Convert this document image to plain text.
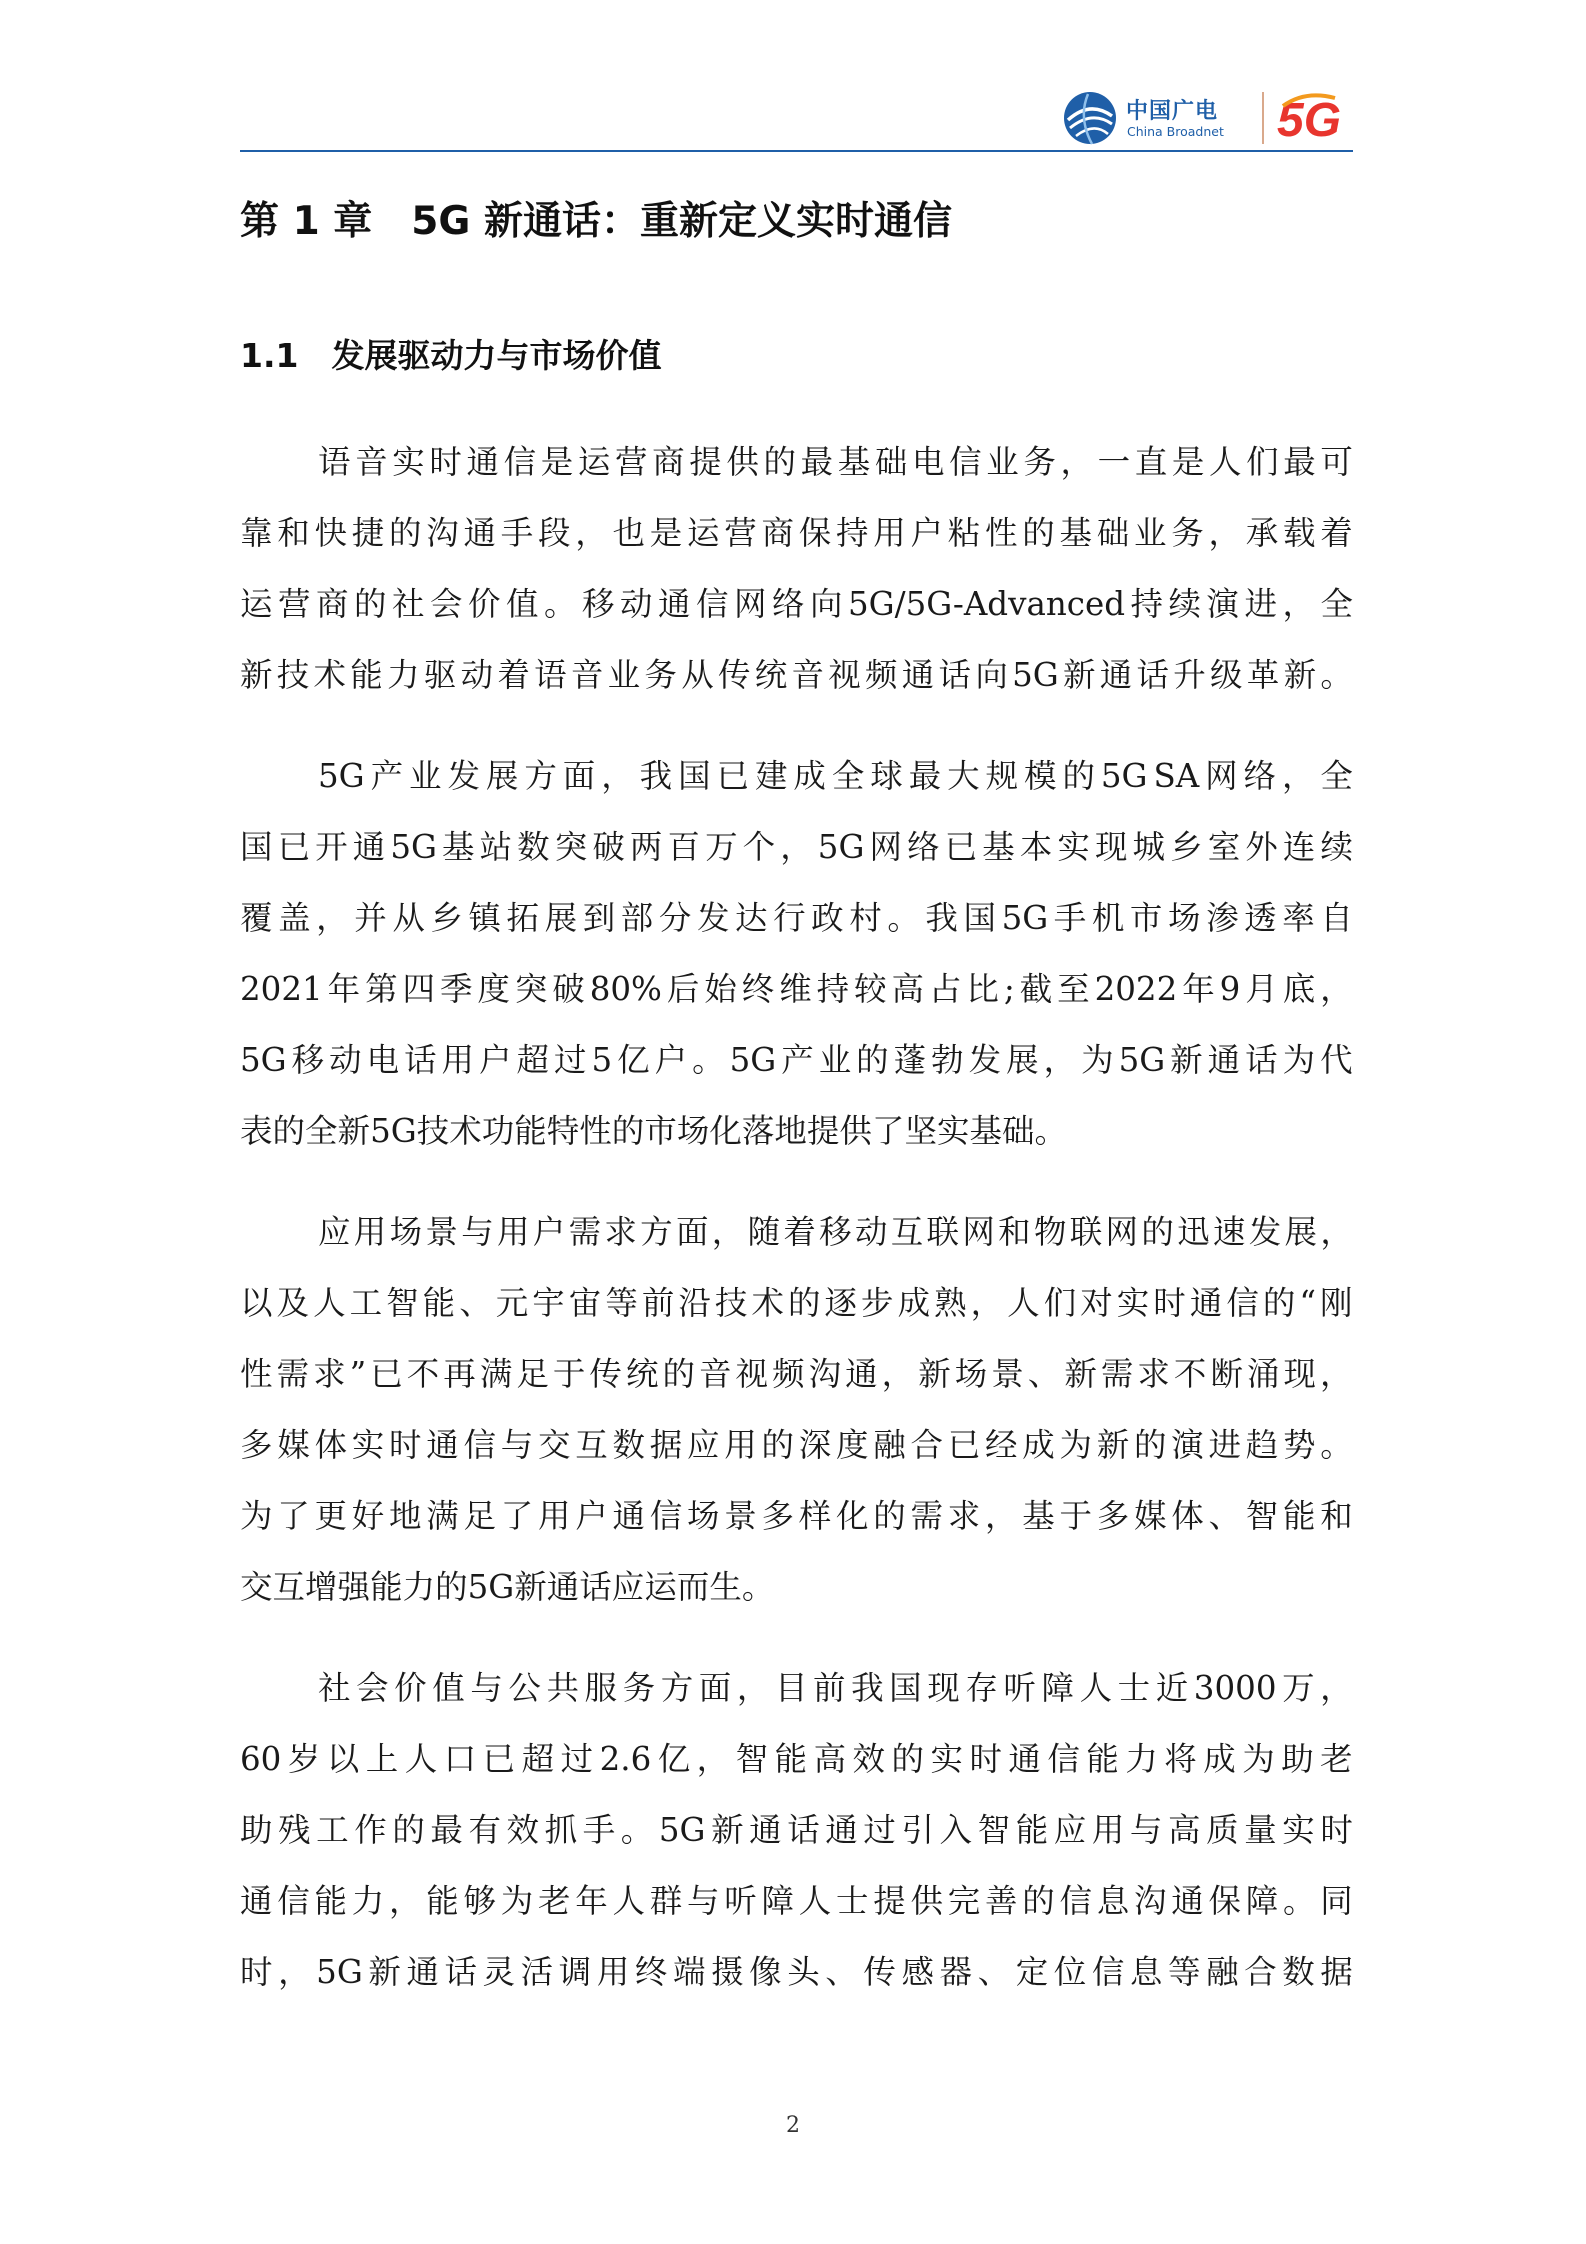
中国广电
China Broadnet 5G
第 1 章　5G 新通话：重新定义实时通信
1.1　发展驱动力与市场价值
语 音 实 时 通 信 是 运 营 商 提 供 的 最 基 础 电 信 业 务 ， 一 直 是 人 们 最 可
靠 和 快 捷 的 沟 通 手 段 ， 也 是 运 营 商 保 持 用 户 粘 性 的 基 础 业 务 ， 承 载 着
运 营 商 的 社 会 价 值 。 移 动 通 信 网 络 向 5G/5G-Advanced 持 续 演 进 ， 全
新 技 术 能 力 驱 动 着 语 音 业 务 从 传 统 音 视 频 通 话 向 5G 新 通 话 升 级 革 新 。
5G 产 业 发 展 方 面 ， 我 国 已 建 成 全 球 最 大 规 模 的 5G SA 网 络 ， 全
国 已 开 通 5G 基 站 数 突 破 两 百 万 个 ， 5G 网 络 已 基 本 实 现 城 乡 室 外 连 续
覆 盖 ， 并 从 乡 镇 拓 展 到 部 分 发 达 行 政 村 。 我 国 5G 手 机 市 场 渗 透 率 自
2021 年 第 四 季 度 突 破 80% 后 始 终 维 持 较 高 占 比 ; 截 至 2022 年 9 月 底 ，
5G 移 动 电 话 用 户 超 过 5 亿 户 。 5G 产 业 的 蓬 勃 发 展 ， 为 5G 新 通 话 为 代
表 的 全 新 5G 技 术 功 能 特 性 的 市 场 化 落 地 提 供 了 坚 实 基 础 。
应 用 场 景 与 用 户 需 求 方 面 ， 随 着 移 动 互 联 网 和 物 联 网 的 迅 速 发 展 ，
以 及 人 工 智 能 、 元 宇 宙 等 前 沿 技 术 的 逐 步 成 熟 ， 人 们 对 实 时 通 信 的 “ 刚
性 需 求 ” 已 不 再 满 足 于 传 统 的 音 视 频 沟 通 ， 新 场 景 、 新 需 求 不 断 涌 现 ，
多 媒 体 实 时 通 信 与 交 互 数 据 应 用 的 深 度 融 合 已 经 成 为 新 的 演 进 趋 势 。
为 了 更 好 地 满 足 了 用 户 通 信 场 景 多 样 化 的 需 求 ， 基 于 多 媒 体 、 智 能 和
交 互 增 强 能 力 的 5G 新 通 话 应 运 而 生 。
社 会 价 值 与 公 共 服 务 方 面 ， 目 前 我 国 现 存 听 障 人 士 近 3000 万 ，
60 岁 以 上 人 口 已 超 过 2.6 亿 ， 智 能 高 效 的 实 时 通 信 能 力 将 成 为 助 老
助 残 工 作 的 最 有 效 抓 手 。 5G 新 通 话 通 过 引 入 智 能 应 用 与 高 质 量 实 时
通 信 能 力 ， 能 够 为 老 年 人 群 与 听 障 人 士 提 供 完 善 的 信 息 沟 通 保 障 。 同
时 ， 5G 新 通 话 灵 活 调 用 终 端 摄 像 头 、 传 感 器 、 定 位 信 息 等 融 合 数 据
2
